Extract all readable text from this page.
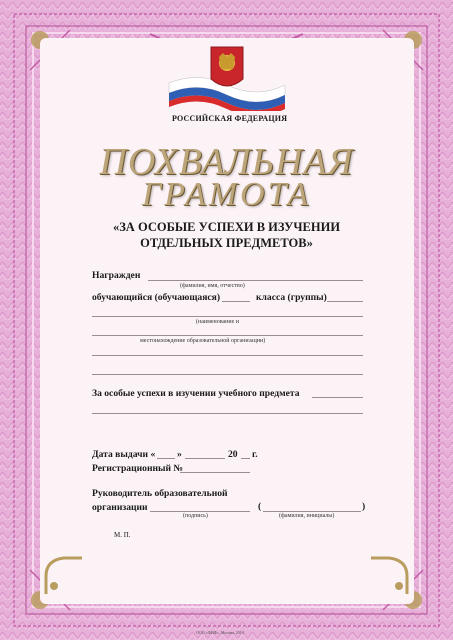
РОССИЙСКАЯ ФЕДЕРАЦИЯ
ПОХВАЛЬНАЯ
ГРАМОТА
«ЗА ОСОБЫЕ УСПЕХИ В ИЗУЧЕНИИ
ОТДЕЛЬНЫХ ПРЕДМЕТОВ»
Награжден
(фамилия, имя, отчество)
обучающийся (обучающаяся)	класса (группы)
(наименование и
местонахождение образовательной организации)
За особые успехи в изучении учебного предмета
Дата выдачи « »	20 г.
Регистрационный №
Руководитель образовательной
организации
(подпись)
(	)
(фамилия, инициалы)
М. П.
ООО «ФИФ», Москва, 2019
